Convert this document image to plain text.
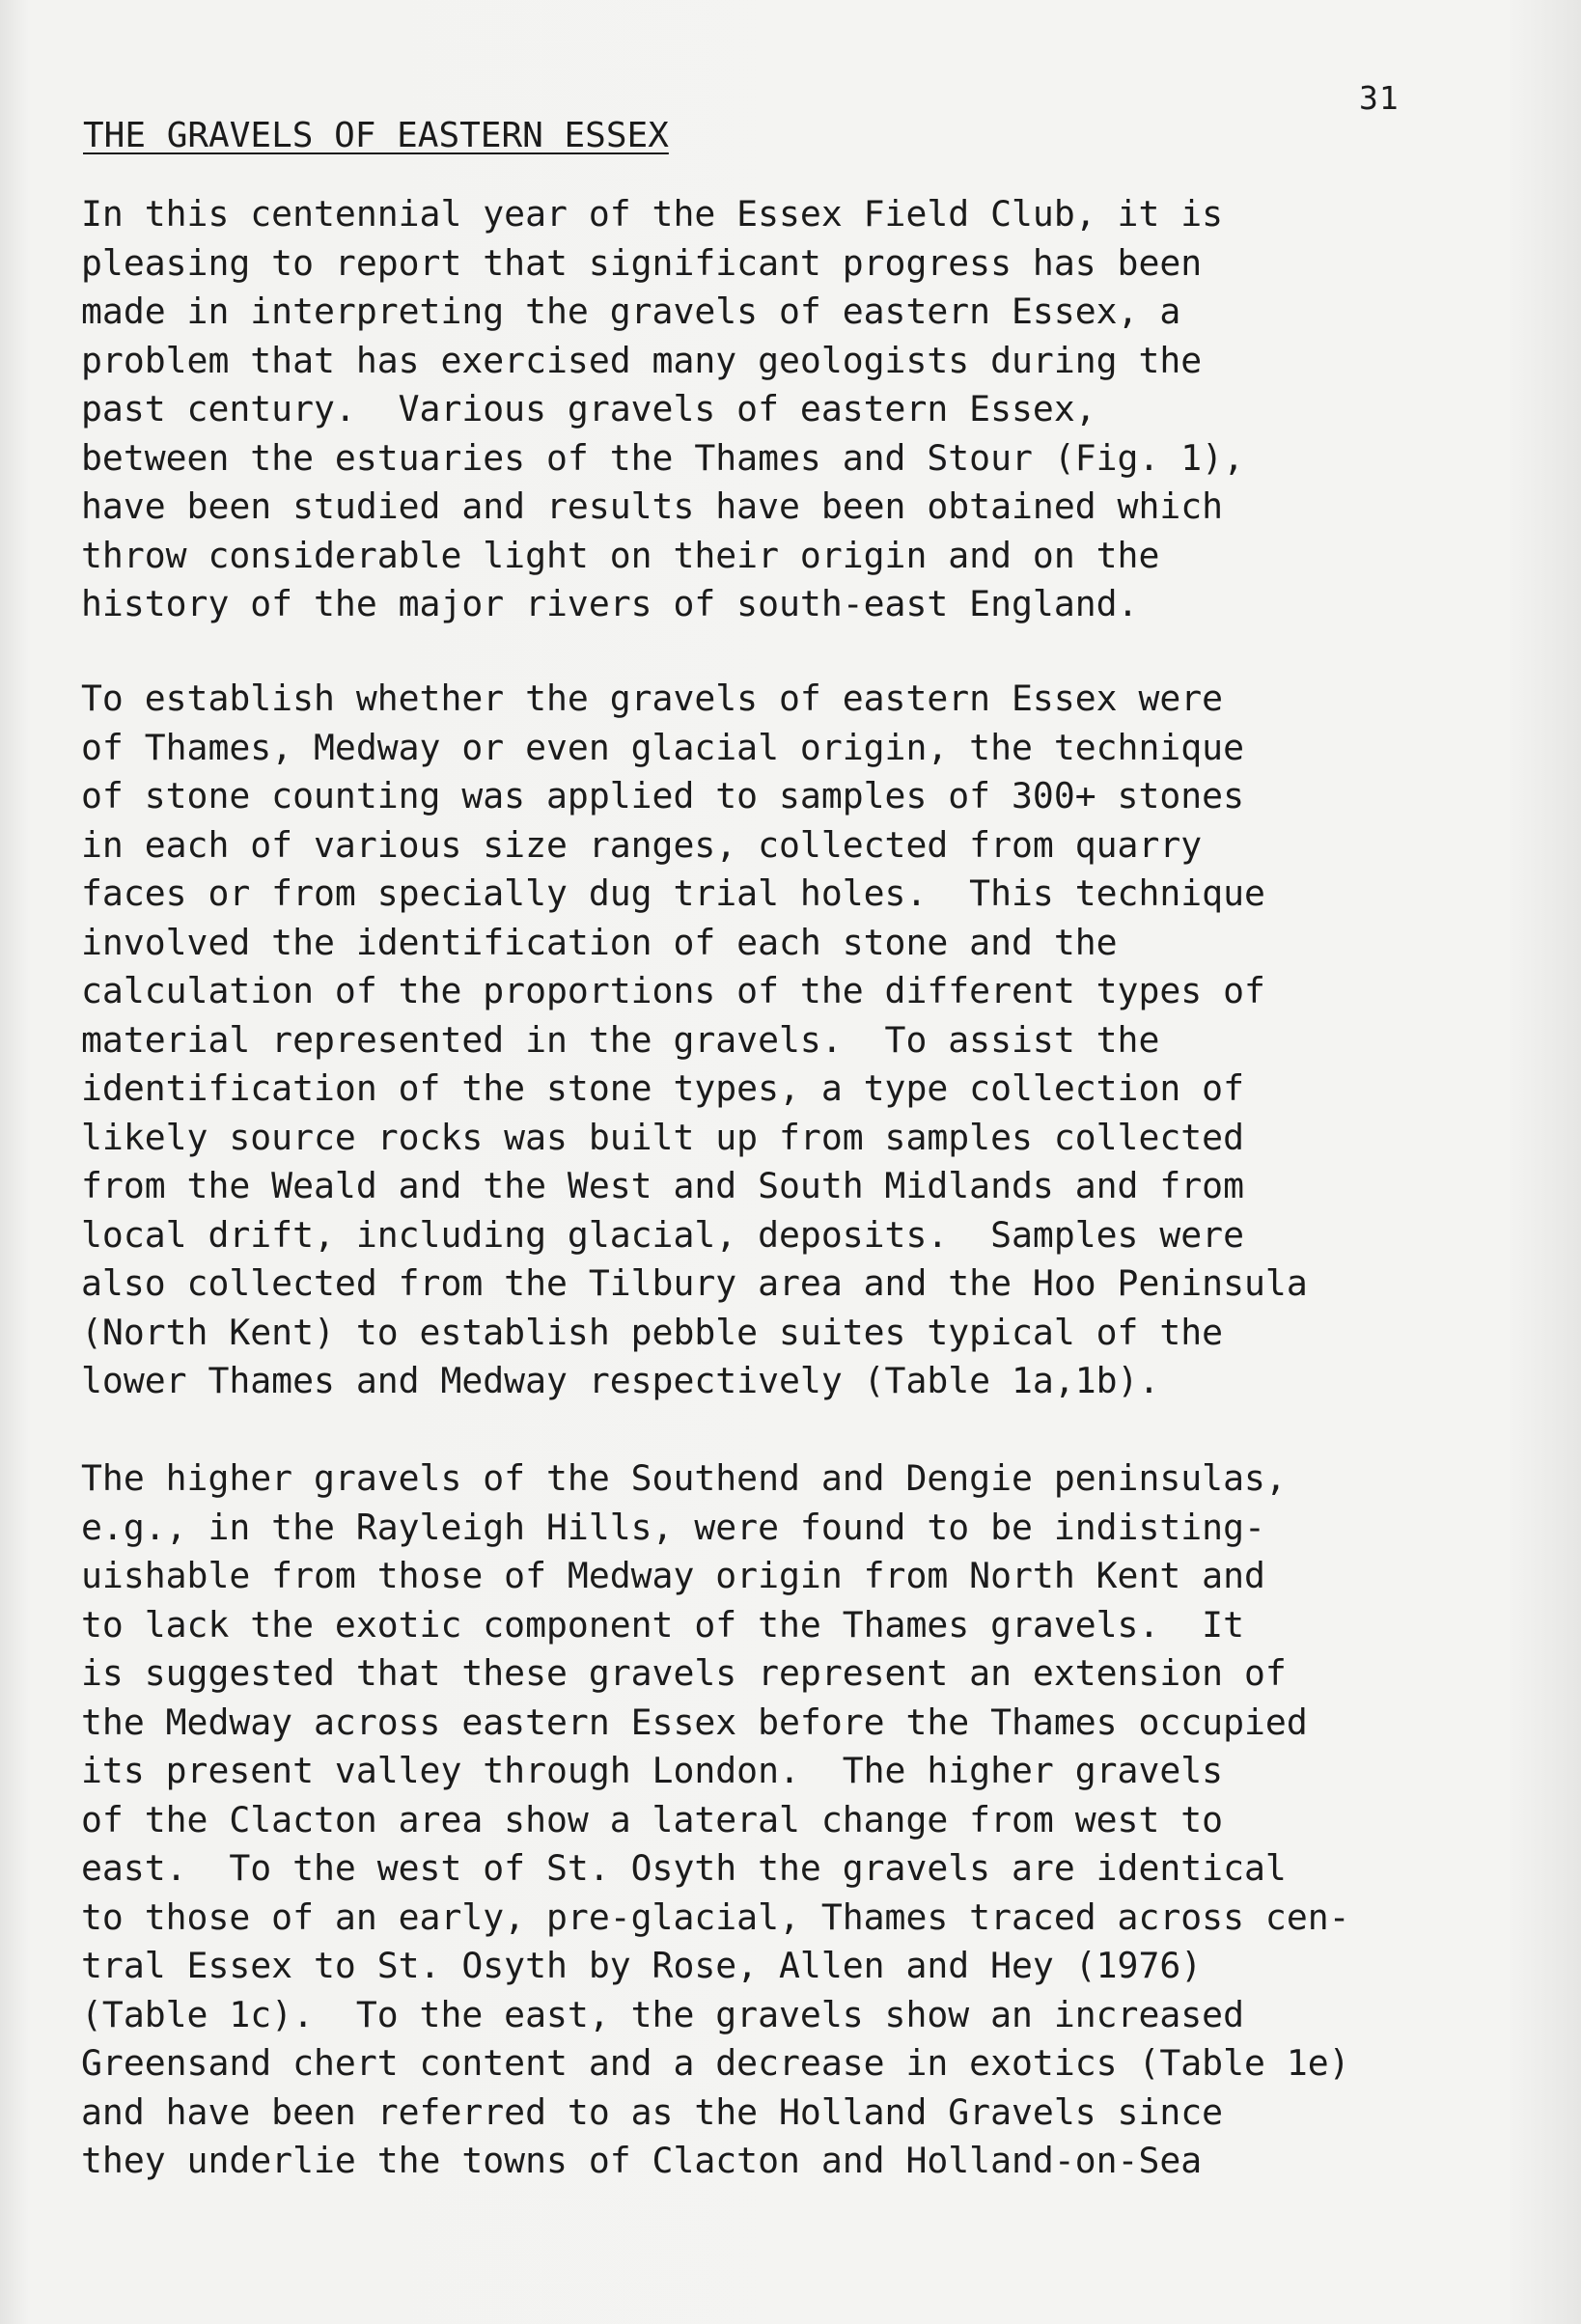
31
THE GRAVELS OF EASTERN ESSEX
In this centennial year of the Essex Field Club, it is
pleasing to report that significant progress has been
made in interpreting the gravels of eastern Essex, a
problem that has exercised many geologists during the
past century.  Various gravels of eastern Essex,
between the estuaries of the Thames and Stour (Fig. 1),
have been studied and results have been obtained which
throw considerable light on their origin and on the
history of the major rivers of south-east England.
To establish whether the gravels of eastern Essex were
of Thames, Medway or even glacial origin, the technique
of stone counting was applied to samples of 300+ stones
in each of various size ranges, collected from quarry
faces or from specially dug trial holes.  This technique
involved the identification of each stone and the
calculation of the proportions of the different types of
material represented in the gravels.  To assist the
identification of the stone types, a type collection of
likely source rocks was built up from samples collected
from the Weald and the West and South Midlands and from
local drift, including glacial, deposits.  Samples were
also collected from the Tilbury area and the Hoo Peninsula
(North Kent) to establish pebble suites typical of the
lower Thames and Medway respectively (Table 1a,1b).
The higher gravels of the Southend and Dengie peninsulas,
e.g., in the Rayleigh Hills, were found to be indisting-
uishable from those of Medway origin from North Kent and
to lack the exotic component of the Thames gravels.  It
is suggested that these gravels represent an extension of
the Medway across eastern Essex before the Thames occupied
its present valley through London.  The higher gravels
of the Clacton area show a lateral change from west to
east.  To the west of St. Osyth the gravels are identical
to those of an early, pre-glacial, Thames traced across cen-
tral Essex to St. Osyth by Rose, Allen and Hey (1976)
(Table 1c).  To the east, the gravels show an increased
Greensand chert content and a decrease in exotics (Table 1e)
and have been referred to as the Holland Gravels since
they underlie the towns of Clacton and Holland-on-Sea
